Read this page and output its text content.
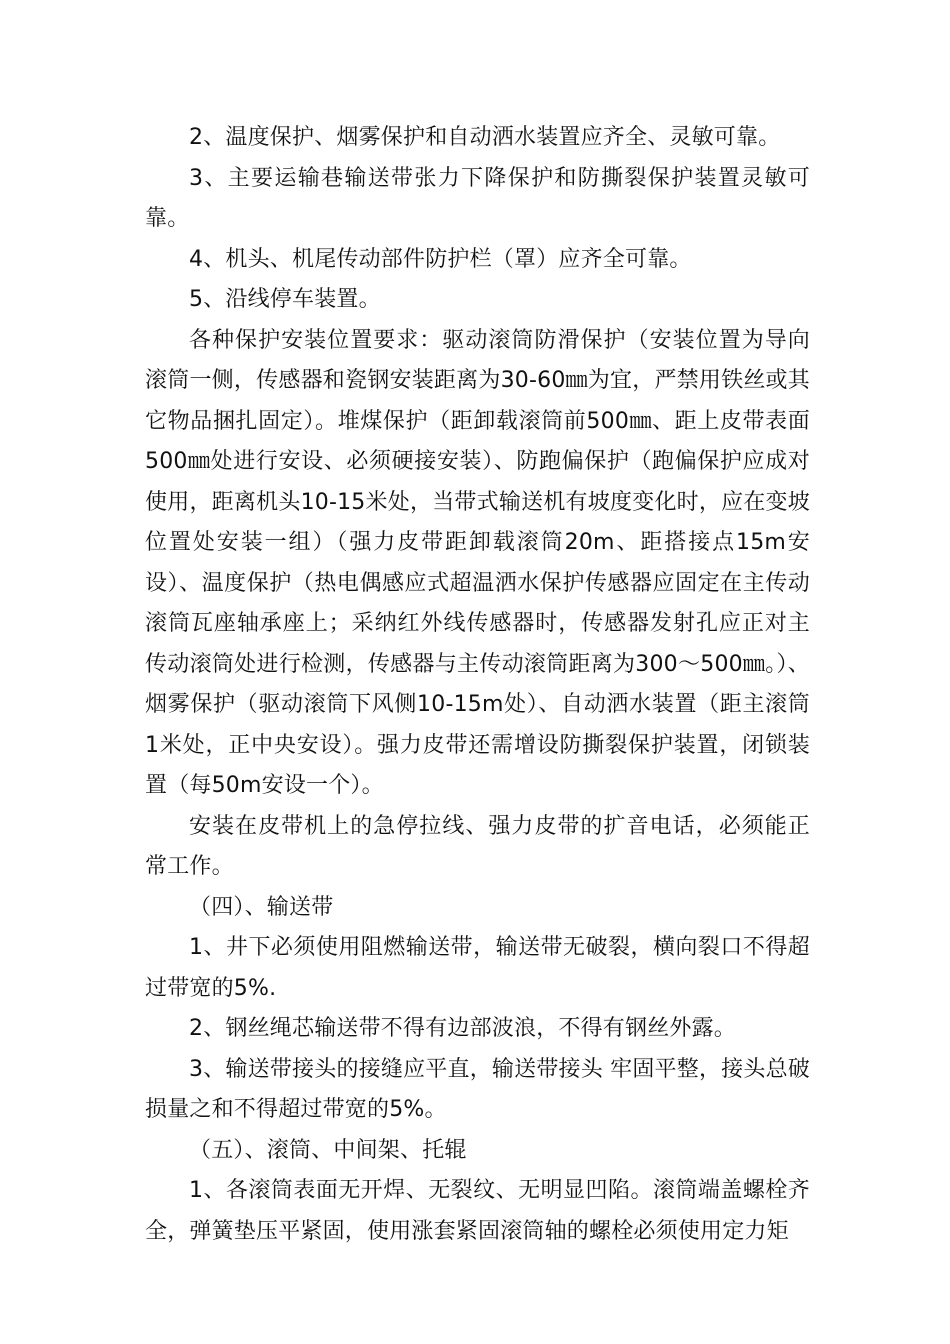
2、温度保护、烟雾保护和自动洒水装置应齐全、灵敏可靠。

3、主要运输巷输送带张力下降保护和防撕裂保护装置灵敏可靠。

4、机头、机尾传动部件防护栏（罩）应齐全可靠。

5、沿线停车装置。

各种保护安装位置要求：驱动滚筒防滑保护（安装位置为导向滚筒一侧，传感器和瓷钢安装距离为30-60㎜为宜，严禁用铁丝或其它物品捆扎固定）。堆煤保护（距卸载滚筒前500㎜、距上皮带表面500㎜处进行安设、必须硬接安装）、防跑偏保护（跑偏保护应成对使用，距离机头10-15米处，当带式输送机有坡度变化时，应在变坡位置处安装一组）（强力皮带距卸载滚筒20m、距搭接点15m安设）、温度保护（热电偶感应式超温洒水保护传感器应固定在主传动滚筒瓦座轴承座上；采纳红外线传感器时，传感器发射孔应正对主传动滚筒处进行检测，传感器与主传动滚筒距离为300～500㎜。）、烟雾保护（驱动滚筒下风侧10-15m处）、自动洒水装置（距主滚筒1米处，正中央安设）。强力皮带还需增设防撕裂保护装置，闭锁装置（每50m安设一个）。

安装在皮带机上的急停拉线、强力皮带的扩音电话，必须能正常工作。

（四）、输送带

1、井下必须使用阻燃输送带，输送带无破裂，横向裂口不得超过带宽的5%.

2、钢丝绳芯输送带不得有边部波浪，不得有钢丝外露。

3、输送带接头的接缝应平直，输送带接头 牢固平整，接头总破损量之和不得超过带宽的5%。

（五）、滚筒、中间架、托辊

1、各滚筒表面无开焊、无裂纹、无明显凹陷。滚筒端盖螺栓齐全，弹簧垫压平紧固，使用涨套紧固滚筒轴的螺栓必须使用定力矩
